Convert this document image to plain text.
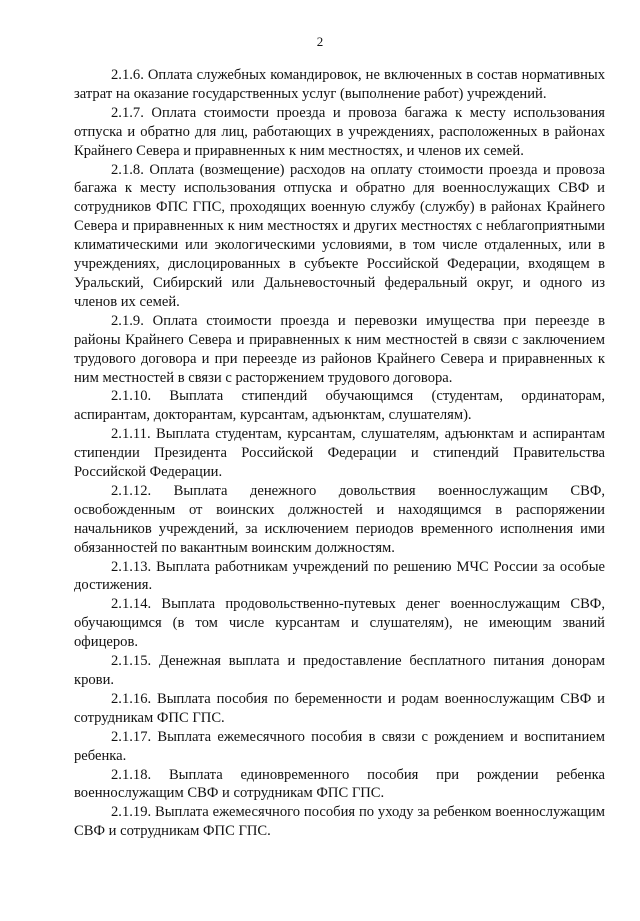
2

2.1.6. Оплата служебных командировок, не включенных в состав нормативных затрат на оказание государственных услуг (выполнение работ) учреждений.

2.1.7. Оплата стоимости проезда и провоза багажа к месту использования отпуска и обратно для лиц, работающих в учреждениях, расположенных в районах Крайнего Севера и приравненных к ним местностях, и членов их семей.

2.1.8. Оплата (возмещение) расходов на оплату стоимости проезда и провоза багажа к месту использования отпуска и обратно для военнослужащих СВФ и сотрудников ФПС ГПС, проходящих военную службу (службу) в районах Крайнего Севера и приравненных к ним местностях и других местностях с неблагоприятными климатическими или экологическими условиями, в том числе отдаленных, или в учреждениях, дислоцированных в субъекте Российской Федерации, входящем в Уральский, Сибирский или Дальневосточный федеральный округ, и одного из членов их семей.

2.1.9. Оплата стоимости проезда и перевозки имущества при переезде в районы Крайнего Севера и приравненных к ним местностей в связи с заключением трудового договора и при переезде из районов Крайнего Севера и приравненных к ним местностей в связи с расторжением трудового договора.

2.1.10. Выплата стипендий обучающимся (студентам, ординаторам, аспирантам, докторантам, курсантам, адъюнктам, слушателям).

2.1.11. Выплата студентам, курсантам, слушателям, адъюнктам и аспирантам стипендии Президента Российской Федерации и стипендий Правительства Российской Федерации.

2.1.12. Выплата денежного довольствия военнослужащим СВФ, освобожденным от воинских должностей и находящимся в распоряжении начальников учреждений, за исключением периодов временного исполнения ими обязанностей по вакантным воинским должностям.

2.1.13. Выплата работникам учреждений по решению МЧС России за особые достижения.

2.1.14. Выплата продовольственно-путевых денег военнослужащим СВФ, обучающимся (в том числе курсантам и слушателям), не имеющим званий офицеров.

2.1.15. Денежная выплата и предоставление бесплатного питания донорам крови.

2.1.16. Выплата пособия по беременности и родам военнослужащим СВФ и сотрудникам ФПС ГПС.

2.1.17. Выплата ежемесячного пособия в связи с рождением и воспитанием ребенка.

2.1.18. Выплата единовременного пособия при рождении ребенка военнослужащим СВФ и сотрудникам ФПС ГПС.

2.1.19. Выплата ежемесячного пособия по уходу за ребенком военнослужащим СВФ и сотрудникам ФПС ГПС.
